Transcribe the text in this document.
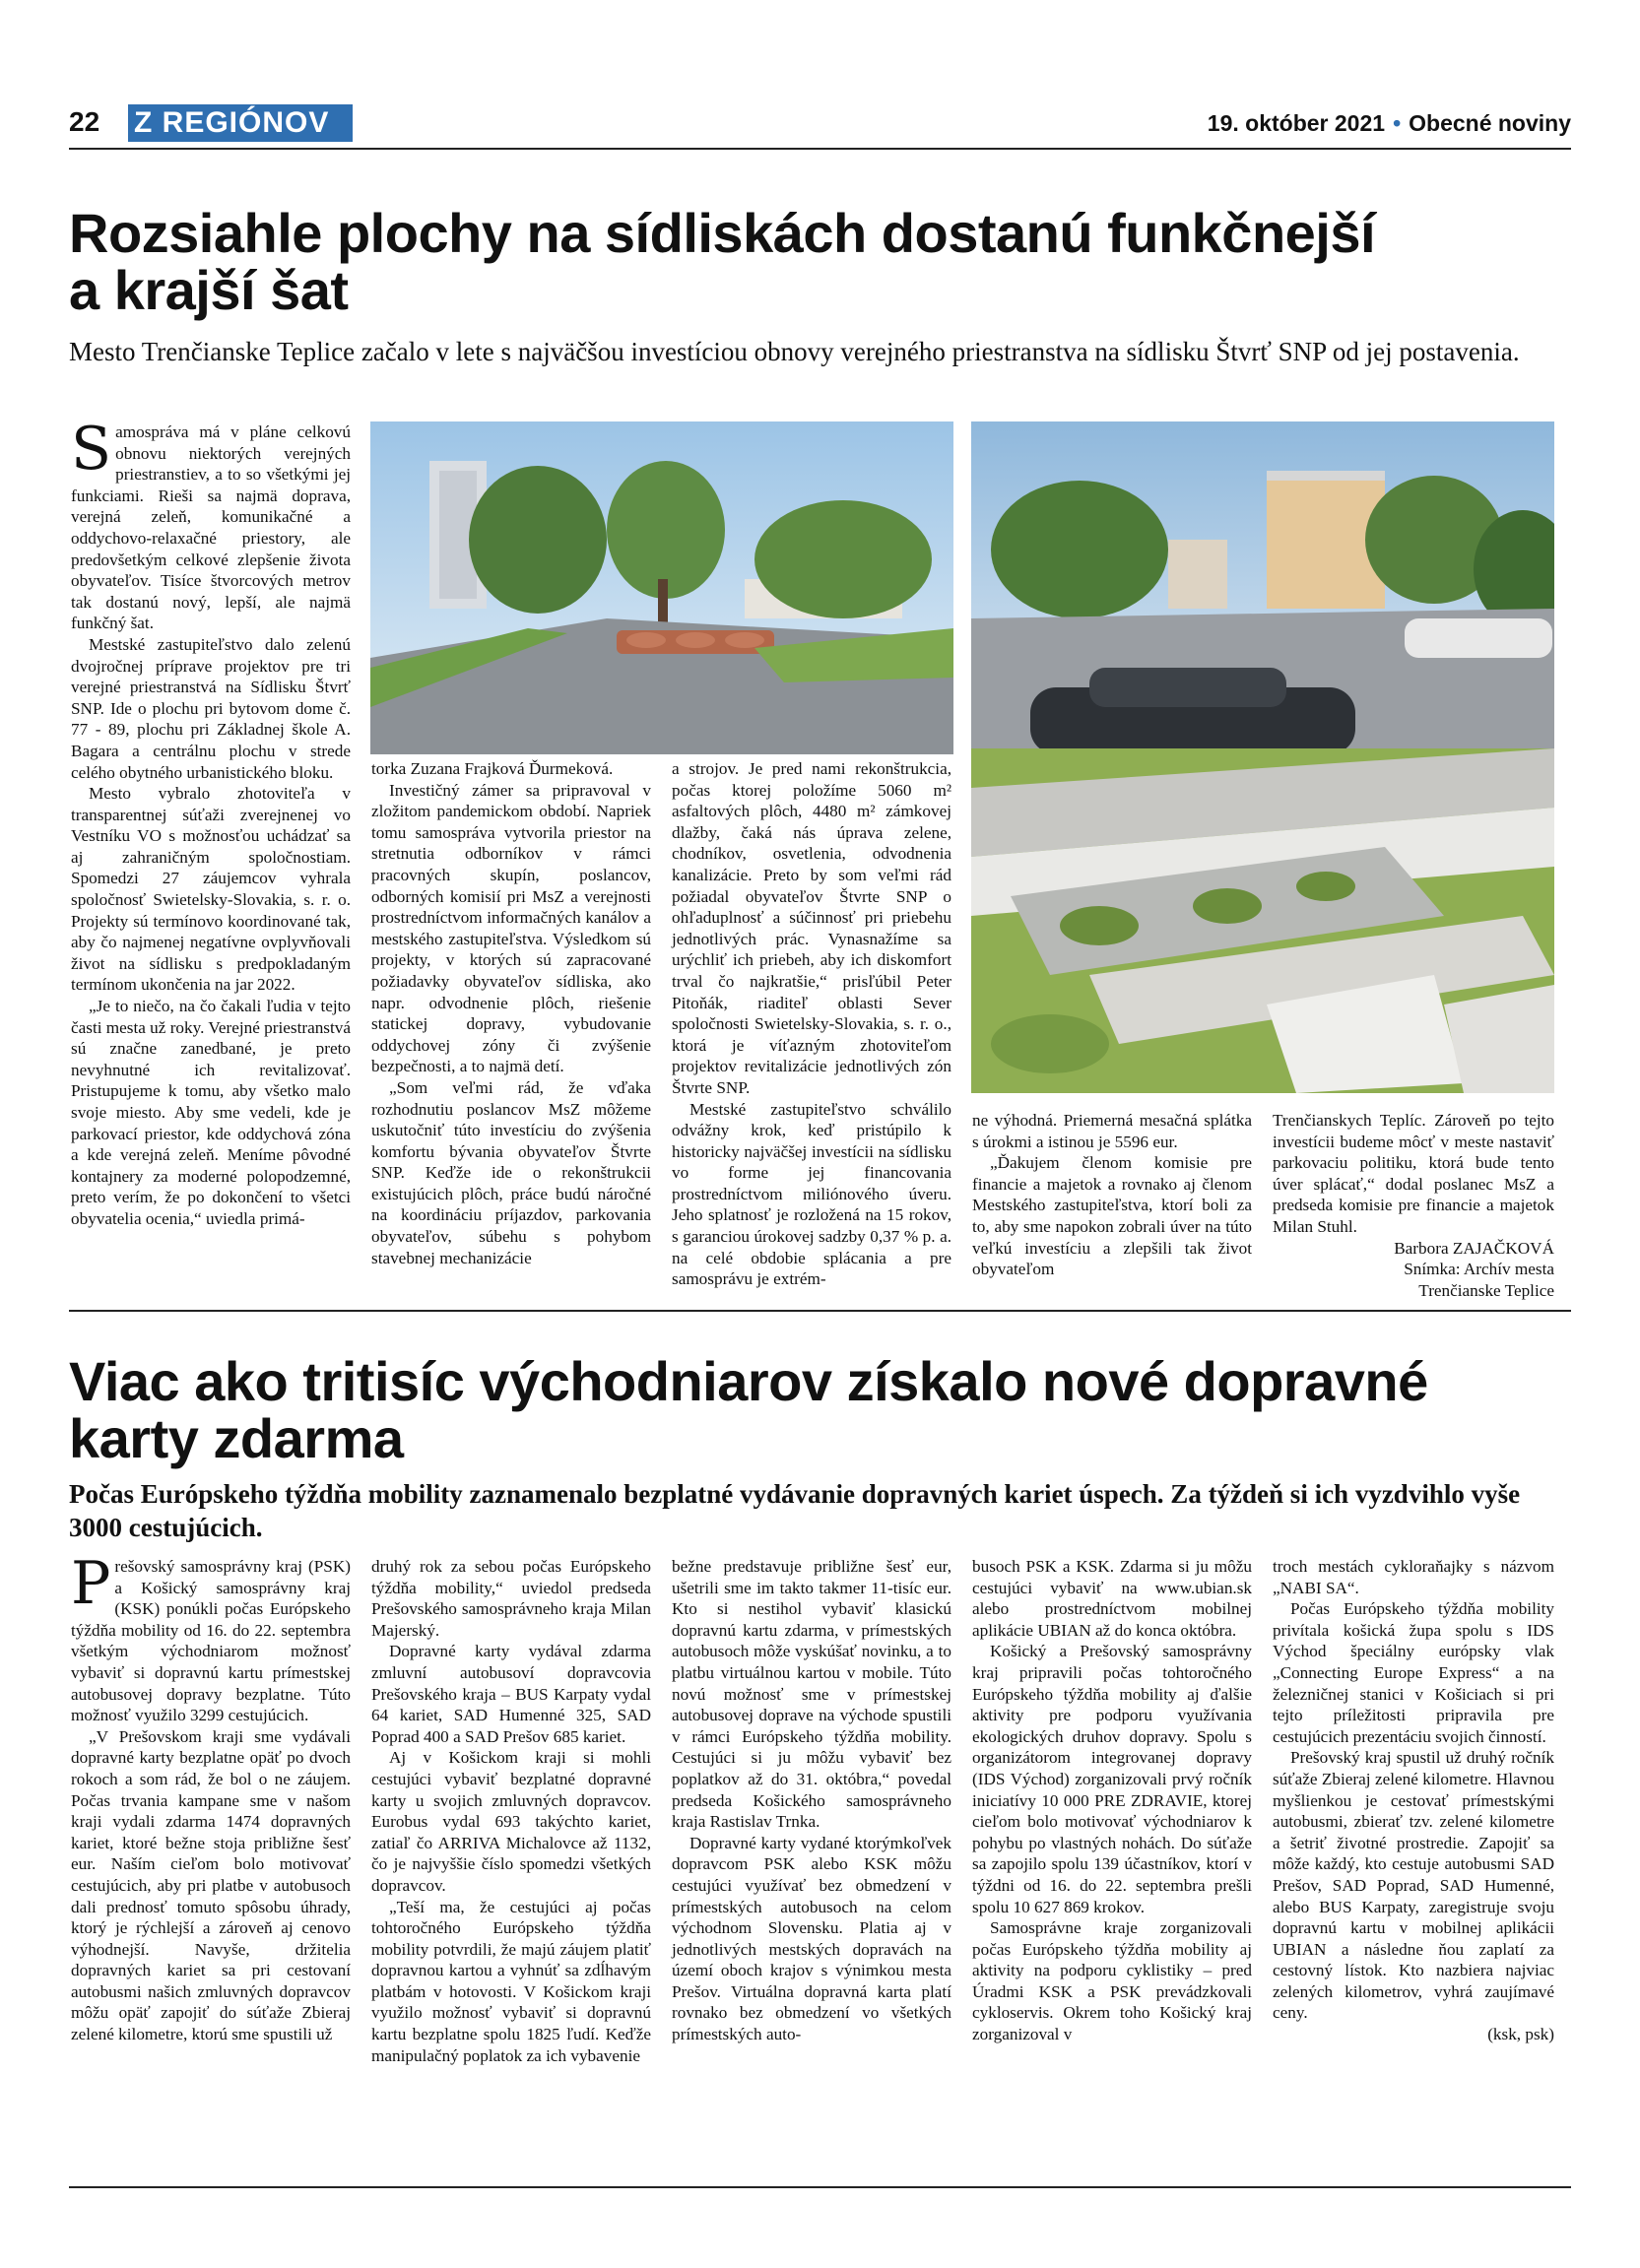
22 Z REGIÓNOV	19. október 2021 • Obecné noviny
Rozsiahle plochy na sídliskách dostanú funkčnejší
a krajší šat
Mesto Trenčianske Teplice začalo v lete s najväčšou investíciou obnovy verejného priestranstva na sídlisku Štvrť SNP od jej postavenia.

Samospráva má v pláne celkovú obnovu niektorých verejných priestranstiev, a to so všetkými jej funkciami. Rieši sa najmä doprava, verejná zeleň, komunikačné a oddychovo-relaxačné priestory, ale predovšetkým celkové zlepšenie života obyvateľov. Tisíce štvorcových metrov tak dostanú nový, lepší, ale najmä funkčný šat.

Mestské zastupiteľstvo dalo zelenú dvojročnej príprave projektov pre tri verejné priestranstvá na Sídlisku Štvrť SNP. Ide o plochu pri bytovom dome č. 77 - 89, plochu pri Základnej škole A. Bagara a centrálnu plochu v strede celého obytného urbanistického bloku.

Mesto vybralo zhotoviteľa v transparentnej súťaži zverejnenej vo Vestníku VO s možnosťou uchádzať sa aj zahraničným spoločnostiam. Spomedzi 27 záujemcov vyhrala spoločnosť Swietelsky-Slovakia, s. r. o. Projekty sú termínovo koordinované tak, aby čo najmenej negatívne ovplyvňovali život na sídlisku s predpokladaným termínom ukončenia na jar 2022.

„Je to niečo, na čo čakali ľudia v tejto časti mesta už roky. Verejné priestranstvá sú značne zanedbané, je preto nevyhnutné ich revitalizovať. Pristupujeme k tomu, aby všetko malo svoje miesto. Aby sme vedeli, kde je parkovací priestor, kde oddychová zóna a kde verejná zeleň. Meníme pôvodné kontajnery za moderné polopodzemné, preto verím, že po dokončení to všetci obyvatelia ocenia,“ uviedla primá-

torka Zuzana Frajková Ďurmeková.

Investičný zámer sa pripravoval v zložitom pandemickom období. Napriek tomu samospráva vytvorila priestor na stretnutia odborníkov v rámci pracovných skupín, poslancov, odborných komisií pri MsZ a verejnosti prostredníctvom informačných kanálov a mestského zastupiteľstva. Výsledkom sú projekty, v ktorých sú zapracované požiadavky obyvateľov sídliska, ako napr. odvodnenie plôch, riešenie statickej dopravy, vybudovanie oddychovej zóny či zvýšenie bezpečnosti, a to najmä detí.

„Som veľmi rád, že vďaka rozhodnutiu poslancov MsZ môžeme uskutočniť túto investíciu do zvýšenia komfortu bývania obyvateľov Štvrte SNP. Keďže ide o rekonštrukcii existujúcich plôch, práce budú náročné na koordináciu príjazdov, parkovania obyvateľov, súbehu s pohybom stavebnej mechanizácie

a strojov. Je pred nami rekonštrukcia, počas ktorej položíme 5060 m² asfaltových plôch, 4480 m² zámkovej dlažby, čaká nás úprava zelene, chodníkov, osvetlenia, odvodnenia kanalizácie. Preto by som veľmi rád požiadal obyvateľov Štvrte SNP o ohľaduplnosť a súčinnosť pri priebehu jednotlivých prác. Vynasnažíme sa urýchliť ich priebeh, aby ich diskomfort trval čo najkratšie,“ prisľúbil Peter Pitoňák, riaditeľ oblasti Sever spoločnosti Swietelsky-Slovakia, s. r. o., ktorá je víťazným zhotoviteľom projektov revitalizácie jednotlivých zón Štvrte SNP.

Mestské zastupiteľstvo schválilo odvážny krok, keď pristúpilo k historicky najväčšej investícii na sídlisku vo forme jej financovania prostredníctvom miliónového úveru. Jeho splatnosť je rozložená na 15 rokov, s garanciou úrokovej sadzby 0,37 % p. a. na celé obdobie splácania a pre samosprávu je extrém-

ne výhodná. Priemerná mesačná splátka s úrokmi a istinou je 5596 eur.

„Ďakujem členom komisie pre financie a majetok a rovnako aj členom Mestského zastupiteľstva, ktorí boli za to, aby sme napokon zobrali úver na túto veľkú investíciu a zlepšili tak život obyvateľom

Trenčianskych Teplíc. Zároveň po tejto investícii budeme môcť v meste nastaviť parkovaciu politiku, ktorá bude tento úver splácať,“ dodal poslanec MsZ a predseda komisie pre financie a majetok Milan Stuhl.

Barbora ZAJAČKOVÁ

Snímka: Archív mesta

Trenčianske Teplice

Viac ako tritisíc východniarov získalo nové dopravné
karty zdarma
Počas Európskeho týždňa mobility zaznamenalo bezplatné vydávanie dopravných kariet úspech. Za týždeň si ich vyzdvihlo vyše 3000 cestujúcich.

Prešovský samosprávny kraj (PSK) a Košický samosprávny kraj (KSK) ponúkli počas Európskeho týždňa mobility od 16. do 22. septembra všetkým východniarom možnosť vybaviť si dopravnú kartu prímestskej autobusovej dopravy bezplatne. Túto možnosť využilo 3299 cestujúcich.

„V Prešovskom kraji sme vydávali dopravné karty bezplatne opäť po dvoch rokoch a som rád, že bol o ne záujem. Počas trvania kampane sme v našom kraji vydali zdarma 1474 dopravných kariet, ktoré bežne stoja približne šesť eur. Naším cieľom bolo motivovať cestujúcich, aby pri platbe v autobusoch dali prednosť tomuto spôsobu úhrady, ktorý je rýchlejší a zároveň aj cenovo výhodnejší. Navyše, držitelia dopravných kariet sa pri cestovaní autobusmi našich zmluvných dopravcov môžu opäť zapojiť do súťaže Zbieraj zelené kilometre, ktorú sme spustili už

druhý rok za sebou počas Európskeho týždňa mobility,“ uviedol predseda Prešovského samosprávneho kraja Milan Majerský.

Dopravné karty vydával zdarma zmluvní autobusoví dopravcovia Prešovského kraja – BUS Karpaty vydal 64 kariet, SAD Humenné 325, SAD Poprad 400 a SAD Prešov 685 kariet.

Aj v Košickom kraji si mohli cestujúci vybaviť bezplatné dopravné karty u svojich zmluvných dopravcov. Eurobus vydal 693 takýchto kariet, zatiaľ čo ARRIVA Michalovce až 1132, čo je najvyššie číslo spomedzi všetkých dopravcov.

„Teší ma, že cestujúci aj počas tohtoročného Európskeho týždňa mobility potvrdili, že majú záujem platiť dopravnou kartou a vyhnúť sa zdĺhavým platbám v hotovosti. V Košickom kraji využilo možnosť vybaviť si dopravnú kartu bezplatne spolu 1825 ľudí. Keďže manipulačný poplatok za ich vybavenie

bežne predstavuje približne šesť eur, ušetrili sme im takto takmer 11-tisíc eur. Kto si nestihol vybaviť klasickú dopravnú kartu zdarma, v prímestských autobusoch môže vyskúšať novinku, a to platbu virtuálnou kartou v mobile. Túto novú možnosť sme v prímestskej autobusovej doprave na východe spustili v rámci Európskeho týždňa mobility. Cestujúci si ju môžu vybaviť bez poplatkov až do 31. októbra,“ povedal predseda Košického samosprávneho kraja Rastislav Trnka.

Dopravné karty vydané ktorýmkoľvek dopravcom PSK alebo KSK môžu cestujúci využívať bez obmedzení v prímestských autobusoch na celom východnom Slovensku. Platia aj v jednotlivých mestských dopravách na území oboch krajov s výnimkou mesta Prešov. Virtuálna dopravná karta platí rovnako bez obmedzení vo všetkých prímestských auto-

busoch PSK a KSK. Zdarma si ju môžu cestujúci vybaviť na www.ubian.sk alebo prostredníctvom mobilnej aplikácie UBIAN až do konca októbra.

Košický a Prešovský samosprávny kraj pripravili počas tohtoročného Európskeho týždňa mobility aj ďalšie aktivity pre podporu využívania ekologických druhov dopravy. Spolu s organizátorom integrovanej dopravy (IDS Východ) zorganizovali prvý ročník iniciatívy 10 000 PRE ZDRAVIE, ktorej cieľom bolo motivovať východniarov k pohybu po vlastných nohách. Do súťaže sa zapojilo spolu 139 účastníkov, ktorí v týždni od 16. do 22. septembra prešli spolu 10 627 869 krokov.

Samosprávne kraje zorganizovali počas Európskeho týždňa mobility aj aktivity na podporu cyklistiky – pred Úradmi KSK a PSK prevádzkovali cykloservis. Okrem toho Košický kraj zorganizoval v

troch mestách cykloraňajky s názvom „NABI SA“.

Počas Európskeho týždňa mobility privítala košická župa spolu s IDS Východ špeciálny európsky vlak „Connecting Europe Express“ a na železničnej stanici v Košiciach si pri tejto príležitosti pripravila pre cestujúcich prezentáciu svojich činností.

Prešovský kraj spustil už druhý ročník súťaže Zbieraj zelené kilometre. Hlavnou myšlienkou je cestovať prímestskými autobusmi, zbierať tzv. zelené kilometre a šetriť životné prostredie. Zapojiť sa môže každý, kto cestuje autobusmi SAD Prešov, SAD Poprad, SAD Humenné, alebo BUS Karpaty, zaregistruje svoju dopravnú kartu v mobilnej aplikácii UBIAN a následne ňou zaplatí za cestovný lístok. Kto nazbiera najviac zelených kilometrov, vyhrá zaujímavé ceny.

(ksk, psk)
